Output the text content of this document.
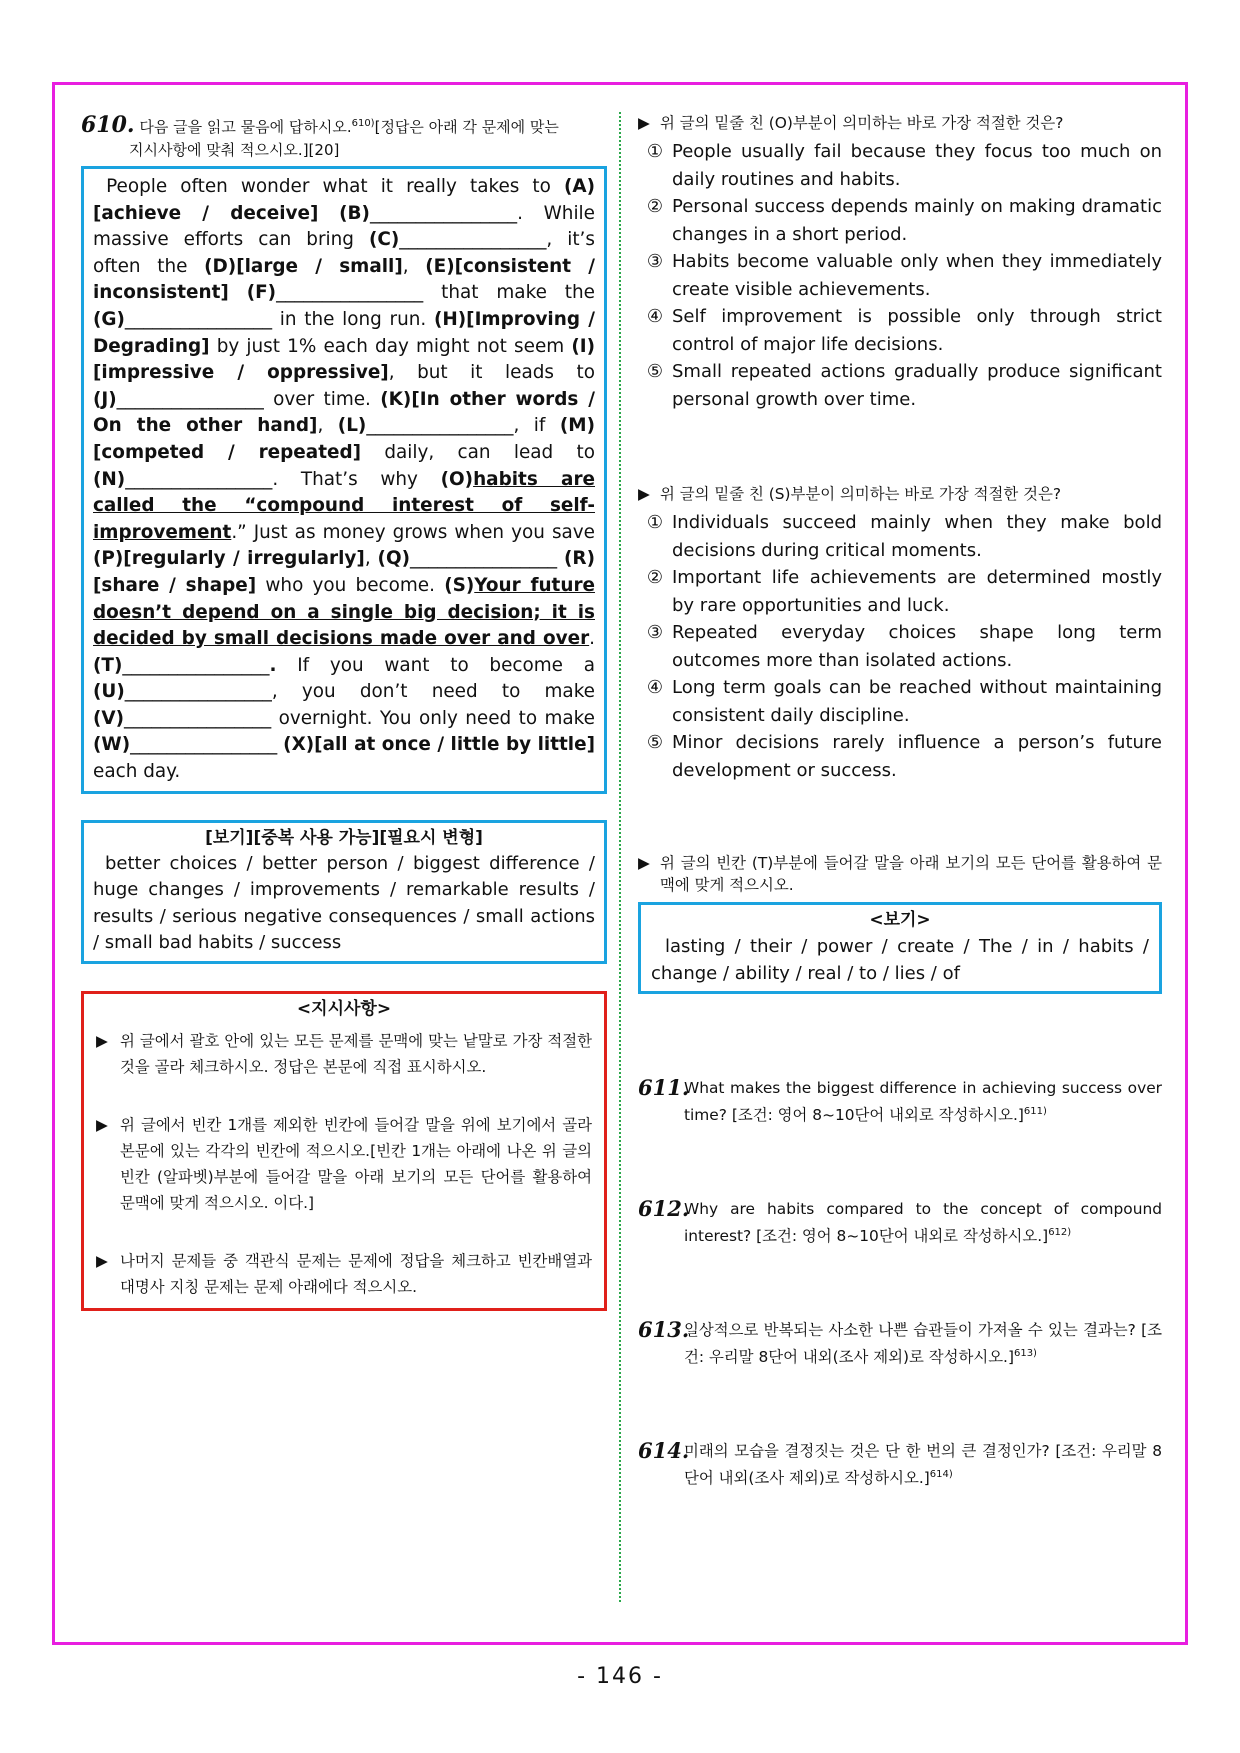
610. 다음 글을 읽고 물음에 답하시오.$^{610)}$[정답은 아래 각 문제에 맞는
지시사항에 맞춰 적으시오.][20]
People often wonder what it really takes to (A)[achieve / deceive] (B)________________. While massive efforts can bring (C)________________, it’s often the (D)[large / small], (E)[consistent / inconsistent] (F)________________ that make the (G)________________ in the long run. (H)[Improving / Degrading] by just 1% each day might not seem (I)[impressive / oppressive], but it leads to (J)________________ over time. (K)[In other words / On the other hand], (L)________________, if (M)[competed / repeated] daily, can lead to (N)________________. That’s why (O)habits are called the “compound interest of self-improvement.” Just as money grows when you save (P)[regularly / irregularly], (Q)________________ (R)[share / shape] who you become. (S)Your future doesn’t depend on a single big decision; it is decided by small decisions made over and over. (T)________________. If you want to become a (U)________________, you don’t need to make (V)________________ overnight. You only need to make (W)________________ (X)[all at once / little by little] each day.
[보기][중복 사용 가능][필요시 변형]
better choices / better person / biggest difference / huge changes / improvements / remarkable results / results / serious negative consequences / small actions / small bad habits / success
<지시사항>
▶ 위 글에서 괄호 안에 있는 모든 문제를 문맥에 맞는 낱말로 가장 적절한 것을 골라 체크하시오. 정답은 본문에 직접 표시하시오.
▶ 위 글에서 빈칸 1개를 제외한 빈칸에 들어갈 말을 위에 보기에서 골라 본문에 있는 각각의 빈칸에 적으시오.[빈칸 1개는 아래에 나온 위 글의 빈칸 (알파벳)부분에 들어갈 말을 아래 보기의 모든 단어를 활용하여 문맥에 맞게 적으시오. 이다.]
▶ 나머지 문제들 중 객관식 문제는 문제에 정답을 체크하고 빈칸배열과 대명사 지칭 문제는 문제 아래에다 적으시오.
▶ 위 글의 밑줄 친 (O)부분이 의미하는 바로 가장 적절한 것은?
① People usually fail because they focus too much on daily routines and habits.
② Personal success depends mainly on making dramatic changes in a short period.
③ Habits become valuable only when they immediately create visible achievements.
④ Self improvement is possible only through strict control of major life decisions.
⑤ Small repeated actions gradually produce significant personal growth over time.
▶ 위 글의 밑줄 친 (S)부분이 의미하는 바로 가장 적절한 것은?
① Individuals succeed mainly when they make bold decisions during critical moments.
② Important life achievements are determined mostly by rare opportunities and luck.
③ Repeated everyday choices shape long term outcomes more than isolated actions.
④ Long term goals can be reached without maintaining consistent daily discipline.
⑤ Minor decisions rarely influence a person’s future development or success.
▶ 위 글의 빈칸 (T)부분에 들어갈 말을 아래 보기의 모든 단어를 활용하여 문맥에 맞게 적으시오.
<보기>
lasting / their / power / create / The / in / habits / change / ability / real / to / lies / of
611.
What makes the biggest difference in achieving success over time? [조건: 영어 8~10단어 내외로 작성하시오.]$^{611)}$
612.
Why are habits compared to the concept of compound interest? [조건: 영어 8~10단어 내외로 작성하시오.]$^{612)}$
613.
일상적으로 반복되는 사소한 나쁜 습관들이 가져올 수 있는 결과는? [조건: 우리말 8단어 내외(조사 제외)로 작성하시오.]$^{613)}$
614.
미래의 모습을 결정짓는 것은 단 한 번의 큰 결정인가? [조건: 우리말 8단어 내외(조사 제외)로 작성하시오.]$^{614)}$
- 146 -
